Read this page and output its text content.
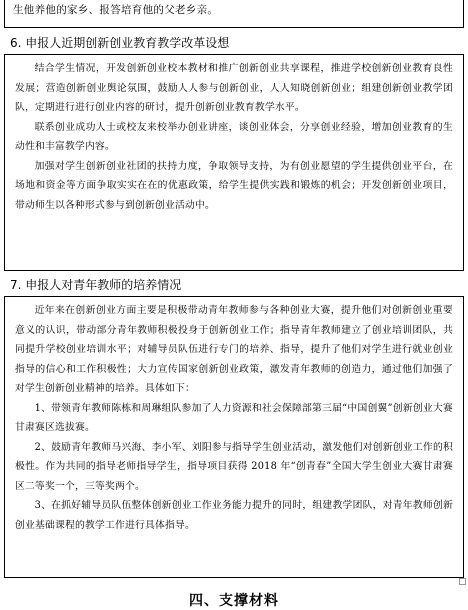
生他养他的家乡、报答培育他的父老乡亲。
6. 申报人近期创新创业教育教学改革设想

结合学生情况，开发创新创业校本教材和推广创新创业共享课程，推进学校创新创业教育良性发展；营造创新创业舆论氛围，鼓励人人参与创新创业，人人知晓创新创业；组建创新创业教学团队，定期进行进行创业内容的研讨，提升创新创业教育教学水平。

联系创业成功人士或校友来校举办创业讲座，谈创业体会，分享创业经验，增加创业教育的生动性和丰富教学内容。

加强对学生创新创业社团的扶持力度，争取领导支持，为有创业愿望的学生提供创业平台，在场地和资金等方面争取实实在在的优惠政策，给学生提供实践和锻炼的机会；开发创新创业项目，带动师生以各种形式参与到创新创业活动中。

7. 申报人对青年教师的培养情况

近年来在创新创业方面主要是积极带动青年教师参与各种创业大赛，提升他们对创新创业重要意义的认识，带动部分青年教师积极投身于创新创业工作；指导青年教师建立了创业培训团队，共同提升学校创业培训水平；对辅导员队伍进行专门的培养、指导，提升了他们对学生进行就业创业指导的信心和工作积极性；大力宣传国家创新创业政策，激发青年教师的创造力，通过他们加强了对学生创新创业精神的培养。具体如下：

1、带领青年教师陈栋和周琳组队参加了人力资源和社会保障部第三届“中国创翼”创新创业大赛甘肃赛区选拔赛。

2、鼓励青年教师马兴海、李小军、刘阳参与指导学生创业活动，激发他们对创新创业工作的积极性。作为共同的指导老师指导学生，指导项目获得 2018 年“创青春”全国大学生创业大赛甘肃赛区二等奖一个，三等奖两个。

3、在抓好辅导员队伍整体创新创业工作业务能力提升的同时，组建教学团队，对青年教师创新创业基础课程的教学工作进行具体指导。

四、支撑材料
